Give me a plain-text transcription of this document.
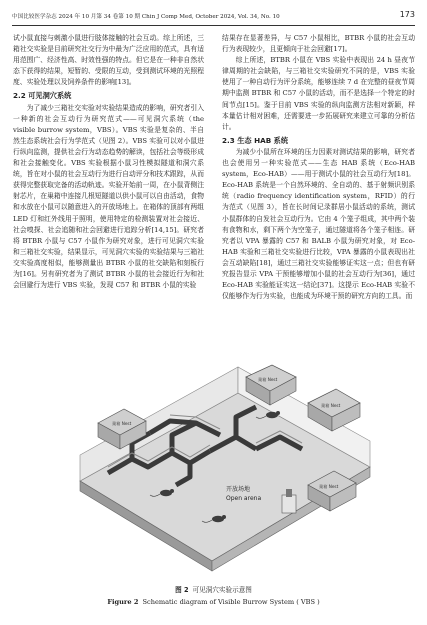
中国比较医学杂志 2024 年 10 月第 34 卷第 10 期 Chin J Comp Med, October 2024, Vol. 34, No. 10	173

试小鼠直接与刺激小鼠进行肢体接触的社会互动。综上所述，三箱社交实验是目前研究社交行为中最为广泛应用的范式，具有适用范围广、经济性高、时效性强的特点。但它是在一种非自然状态下获得的结果，短暂的、受限的互动，受到测试环境的光照程度、实验处理以及饲养条件的影响[13]。

2.2 可见洞穴系统

为了减少三箱社交实验对实验结果造成的影响，研究者引入一种新的社会互动行为研究范式——可见洞穴系统（the visible burrow system，VBS）。VBS 实验是复杂的、半自然生态系统社会行为学范式（见图 2）。VBS 实验可以对小鼠进行纵向监测，提供社会行为动态趋势的解读，包括社会等级形成和社会接触变化。VBS 实验根据小鼠习性模拟隧道和洞穴系统，旨在对小鼠的社会互动行为进行自动评分和技术跟踪，从而获得完整获取完备的活动轨迹。实验开始前一周，在小鼠背侧注射芯片，在巢箱中连接几根短隧道以供小鼠可以自由活动，食物和水放在小鼠可以随意进入的开放场地上。在箱体的顶部有两组 LED 灯和红外线用于照明，使用特定的检测装置对社会接近、社会嗅探、社会追随和社会回避进行追踪分析[14,15]。研究者将 BTBR 小鼠与 C57 小鼠作为研究对象，进行可见洞穴实验和三箱社交实验，结果显示，可见洞穴实验的实验结果与三箱社交实验高度相似，能够测量出 BTBR 小鼠的社交缺陷和刻板行为[16]。另有研究者为了测试 BTBR 小鼠的社会接近行为和社会回避行为进行 VBS 实验，发现 C57 和 BTBR 小鼠的实验

结果存在显著差异，与 C57 小鼠相比，BTBR 小鼠的社会互动行为表现较少，且更倾向于社会回避[17]。

综上所述，BTBR 小鼠在 VBS 实验中表现出 24 h 昼夜节律周期的社会缺陷，与三箱社交实验研究不同的是，VBS 实验使用了一种自动行为评分系统，能够连续 7 d 在完整的昼夜节周期中监测 BTBR 和 C57 小鼠的活动，而不是选择一个特定的时间节点[15]。鉴于目前 VBS 实验的纵向监测方法相对新颖，样本量估计相对困难，还需要进一步拓展研究来建立可靠的分析估计。

2.3 生态 HAB 系统

为减少小鼠所在环境的压力因素对测试结果的影响，研究者也会使用另一种实验范式——生态 HAB 系统（Eco-HAB system，Eco-HAB）——用于测试小鼠的社会互动行为[18]。Eco-HAB 系统是一个自然环境的、全自动的、基于射频识别系统（radio frequency identification system，RFID）的行为范式（见图 3），旨在长时间记录群居小鼠活动的系统，测试小鼠群体的自发社会互动行为。它由 4 个笼子组成，其中两个装有食物和水，剩下两个为空笼子，通过隧道将各个笼子相连。研究者以 VPA 暴露的 C57 和 BALB 小鼠为研究对象，对 Eco-HAB 实验和三箱社交实验进行比较，VPA 暴露的小鼠表现出社会互动缺陷[18]，通过三箱社交实验能够证实这一点；但也有研究报告显示 VPA 干预能够增加小鼠的社会互动行为[36]，通过 Eco-HAB 实验能证实这一结论[37]。这提示 Eco-HAB 实验不仅能够作为行为实验，也能成为环境干预的研究方向的工具。而

巢箱 Nest
巢箱 Nest
巢箱 Nest
巢箱 Nest
开放场地
Open arena
图 2 可见洞穴实验示意图
Figure 2 Schematic diagram of Visible Burrow System ( VBS )
